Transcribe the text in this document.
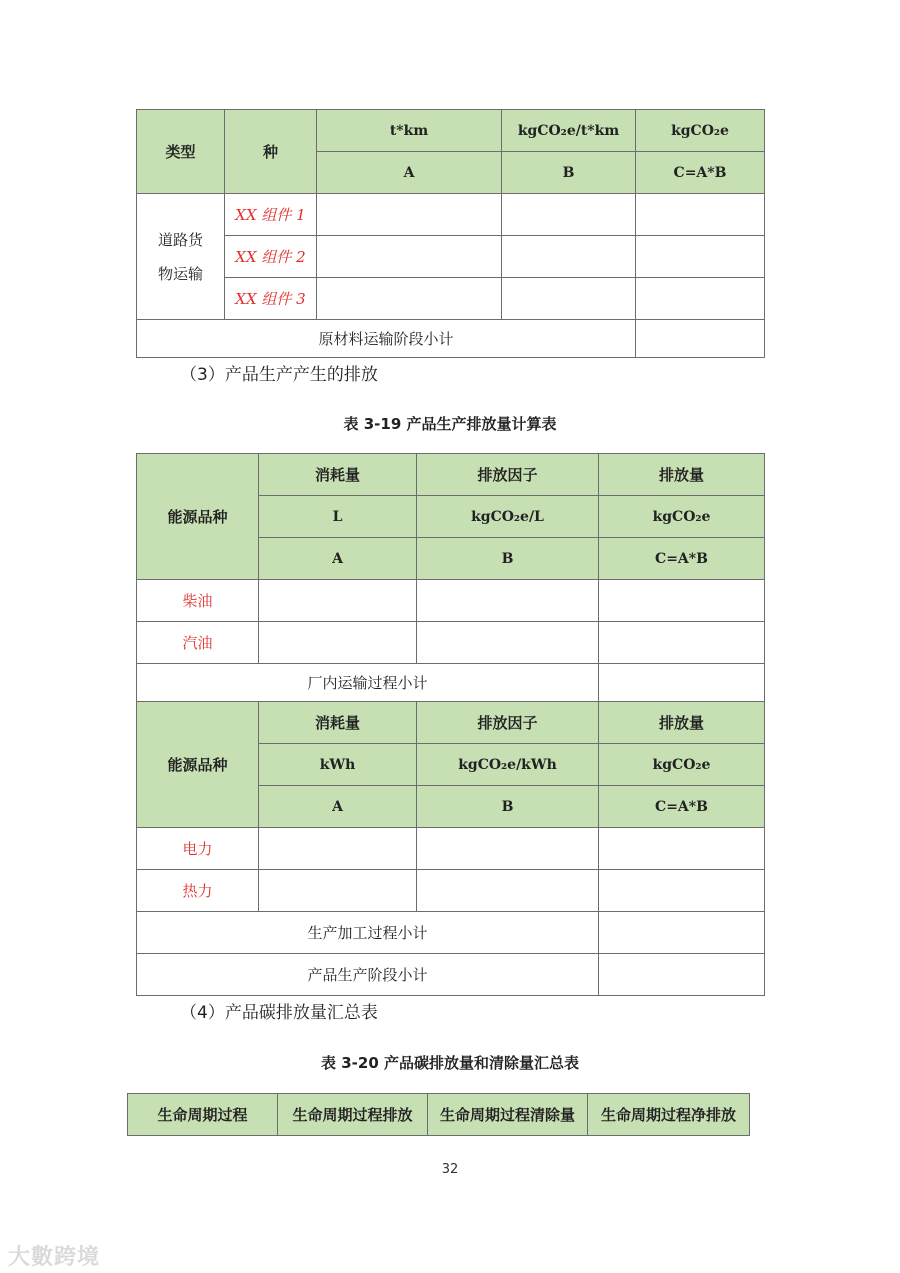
类型	种	t*km	kgCO₂e/t*km	kgCO₂e
		A	B	C=A*B
道路货物运输	XX 组件 1			
	XX 组件 2			
	XX 组件 3			
原材料运输阶段小计				
（3）产品生产产生的排放
表 3-19 产品生产排放量计算表
能源品种	消耗量	排放因子	排放量
	L	kgCO₂e/L	kgCO₂e
	A	B	C=A*B
柴油			
汽油			
厂内运输过程小计			
能源品种	消耗量	排放因子	排放量
	kWh	kgCO₂e/kWh	kgCO₂e
	A	B	C=A*B
电力			
热力			
生产加工过程小计			
产品生产阶段小计			
（4）产品碳排放量汇总表
表 3-20 产品碳排放量和清除量汇总表
生命周期过程	生命周期过程排放	生命周期过程清除量	生命周期过程净排放
32
大數跨境
